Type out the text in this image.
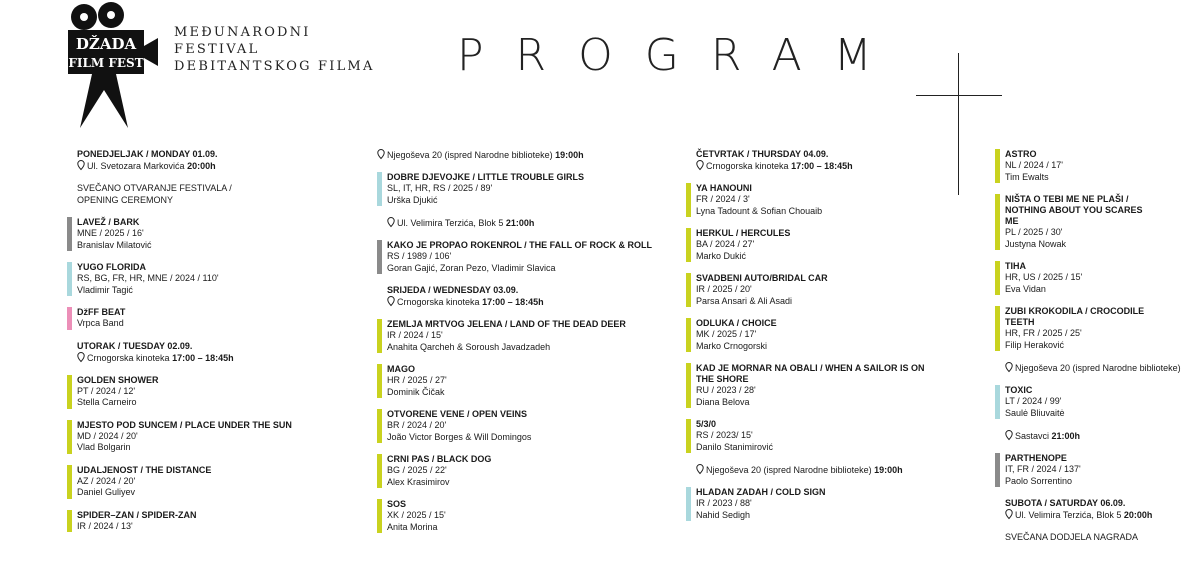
DŽADA
FILM FEST
MEĐUNARODNI
FESTIVAL
DEBITANTSKOG FILMA PROGRAM
PONEDJELJAK / MONDAY 01.09.
Ul. Svetozara Markovića 20:00h
SVEČANO OTVARANJE FESTIVALA / OPENING CEREMONY
LAVEŽ / BARK
MNE / 2025 / 16'
Branislav Milatović
YUGO FLORIDA
RS, BG, FR, HR, MNE / 2024 / 110'
Vladimir Tagić
DžFF BEAT
Vrpca Band
UTORAK / TUESDAY 02.09.
Crnogorska kinoteka 17:00 – 18:45h
GOLDEN SHOWER
PT / 2024 / 12'
Stella Carneiro
MJESTO POD SUNCEM / PLACE UNDER THE SUN
MD / 2024 / 20'
Vlad Bolgarin
UDALJENOST / THE DISTANCE
AZ / 2024 / 20'
Daniel Guliyev
SPIDER–ZAN / SPIDER-ZAN
IR / 2024 / 13'
Njegoševa 20 (ispred Narodne biblioteke) 19:00h
DOBRE DJEVOJKE / LITTLE TROUBLE GIRLS
SL, IT, HR, RS / 2025 / 89'
Urška Djukić
Ul. Velimira Terzića, Blok 5 21:00h
KAKO JE PROPAO ROKENROL / THE FALL OF ROCK & ROLL
RS / 1989 / 106'
Goran Gajić, Zoran Pezo, Vladimir Slavica
SRIJEDA / WEDNESDAY 03.09.
Crnogorska kinoteka 17:00 – 18:45h
ZEMLJA MRTVOG JELENA / LAND OF THE DEAD DEER
IR / 2024 / 15'
Anahita Qarcheh & Soroush Javadzadeh
MAGO
HR / 2025 / 27'
Dominik Čičak
OTVORENE VENE / OPEN VEINS
BR / 2024 / 20'
João Victor Borges & Will Domingos
CRNI PAS / BLACK DOG
BG / 2025 / 22'
Alex Krasimirov
SOS
XK / 2025 / 15'
Anita Morina
ČETVRTAK / THURSDAY 04.09.
Crnogorska kinoteka 17:00 – 18:45h
YA HANOUNI
FR / 2024 / 3'
Lyna Tadount & Sofian Chouaib
HERKUL / HERCULES
BA / 2024 / 27'
Marko Dukić
SVADBENI AUTO/BRIDAL CAR
IR / 2025 / 20'
Parsa Ansari & Ali Asadi
ODLUKA / CHOICE
MK / 2025 / 17'
Marko Crnogorski
KAD JE MORNAR NA OBALI / WHEN A SAILOR IS ON THE SHORE
RU / 2023 / 28'
Diana Belova
5/3/0
RS / 2023/ 15'
Danilo Stanimirović
Njegoševa 20 (ispred Narodne biblioteke) 19:00h
HLADAN ZADAH / COLD SIGN
IR / 2023 / 88'
Nahid Sedigh
ASTRO
NL / 2024 / 17'
Tim Ewalts
NIŠTA O TEBI ME NE PLAŠI / NOTHING ABOUT YOU SCARES ME
PL / 2025 / 30'
Justyna Nowak
TIHA
HR, US / 2025 / 15'
Eva Vidan
ZUBI KROKODILA / CROCODILE TEETH
HR, FR / 2025 / 25'
Filip Heraković
Njegoševa 20 (ispred Narodne biblioteke)
TOXIC
LT / 2024 / 99'
Saulė Bliuvaitė
Sastavci 21:00h
PARTHENOPE
IT, FR / 2024 / 137'
Paolo Sorrentino
SUBOTA / SATURDAY 06.09.
Ul. Velimira Terzića, Blok 5 20:00h
SVEČANA DODJELA NAGRADA
